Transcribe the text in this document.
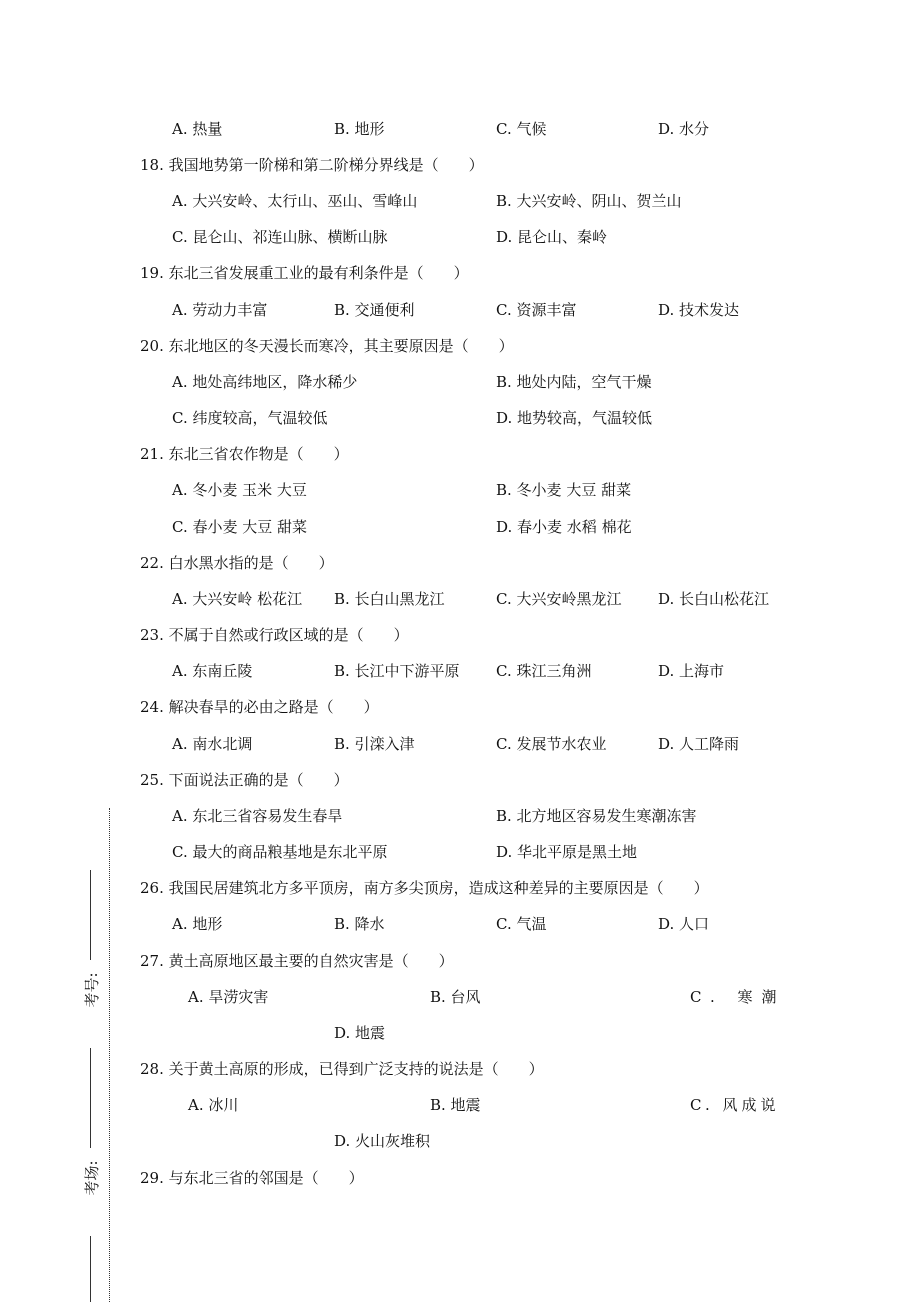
A. 热量	B. 地形	C. 气候	D. 水分
18. 我国地势第一阶梯和第二阶梯分界线是（　　）
A. 大兴安岭、太行山、巫山、雪峰山	B. 大兴安岭、阴山、贺兰山
C. 昆仑山、祁连山脉、横断山脉	D. 昆仑山、秦岭
19. 东北三省发展重工业的最有利条件是（　　）
A. 劳动力丰富	B. 交通便利	C. 资源丰富	D. 技术发达
20. 东北地区的冬天漫长而寒冷，其主要原因是（　　）
A. 地处高纬地区，降水稀少	B. 地处内陆，空气干燥
C. 纬度较高，气温较低	D. 地势较高，气温较低
21. 东北三省农作物是（　　）
A. 冬小麦 玉米 大豆	B. 冬小麦 大豆 甜菜
C. 春小麦 大豆 甜菜	D. 春小麦 水稻 棉花
22. 白水黑水指的是（　　）
A. 大兴安岭 松花江 B. 长白山黑龙江	C. 大兴安岭黑龙江 D. 长白山松花江
23. 不属于自然或行政区域的是（　　）
A. 东南丘陵	B. 长江中下游平原 C. 珠江三角洲	D. 上海市
24. 解决春旱的必由之路是（　　）
A. 南水北调	B. 引滦入津	C. 发展节水农业	D. 人工降雨
25. 下面说法正确的是（　　）
A. 东北三省容易发生春旱	B. 北方地区容易发生寒潮冻害
C. 最大的商品粮基地是东北平原	D. 华北平原是黑土地
26. 我国民居建筑北方多平顶房，南方多尖顶房，造成这种差异的主要原因是（　　）
A. 地形	B. 降水	C. 气温	D. 人口
27. 黄土高原地区最主要的自然灾害是（　　）
A. 旱涝灾害	B. 台风	C. 寒潮
D. 地震
28. 关于黄土高原的形成，已得到广泛支持的说法是（　　）
A. 冰川	B. 地震	C. 风成说
D. 火山灰堆积
29. 与东北三省的邻国是（　　）
考号:
考场:
